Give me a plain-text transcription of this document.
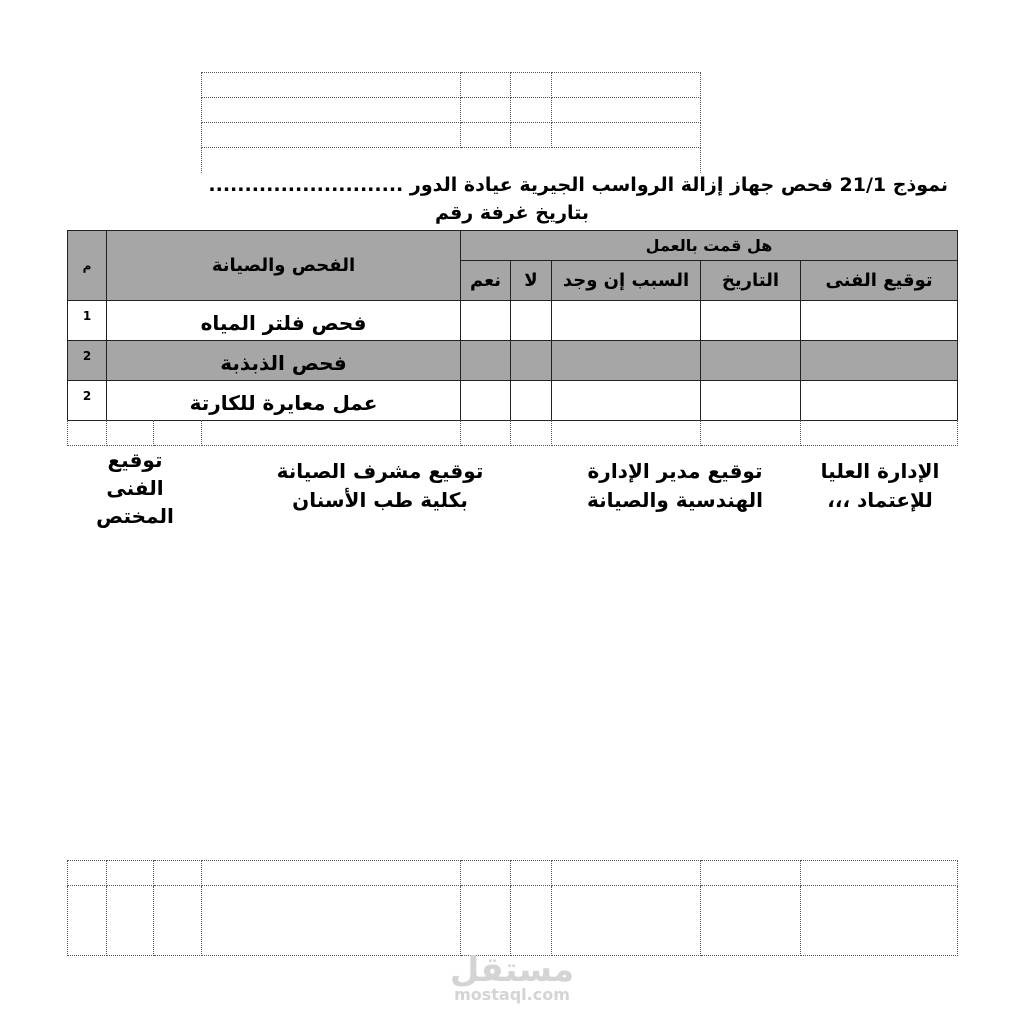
نموذج 21/1 فحص جهاز إزالة الرواسب الجيرية عيادة الدور ...........................
بتاريخ غرفة رقم
م	الفحص والصيانة	هل قمت بالعمل				
		نعم	لا	السبب إن وجد	التاريخ	توقيع الفنى
1	فحص فلتر المياه					
2	فحص الذبذبة					
2	عمل معايرة للكارتة					

توقيع
الفنى
المختص
توقيع مشرف الصيانة
بكلية طب الأسنان
توقيع مدير الإدارة
الهندسية والصيانة
الإدارة العليا
للإعتماد ،،،

مستقل
mostaql.com
